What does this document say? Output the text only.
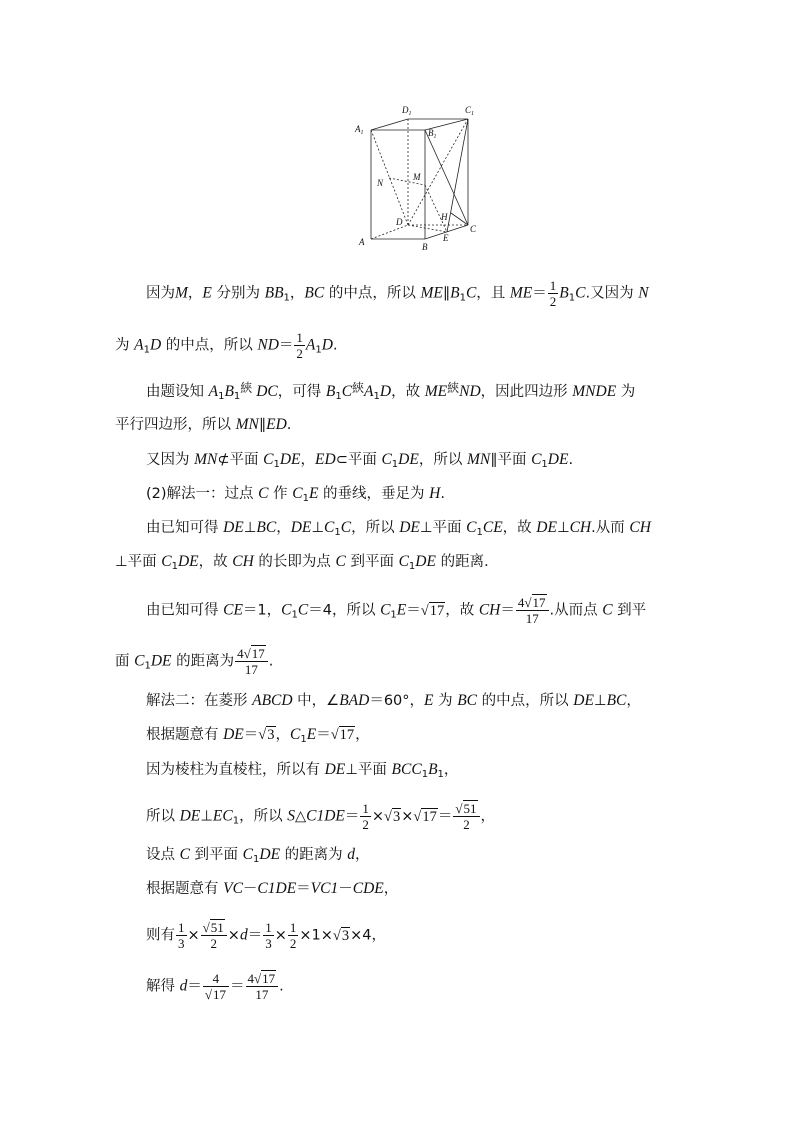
$D_1$	$C_1$
$A_1$	$B_1$
N
M
D	H
C
A	B
E
因为M，E 分别为 $BB_1$，BC 的中点，所以 $ME\parallel B_1C$，且 $ME= \frac{1}{2} B_1C$.又因为 N
为 $A_1D$ 的中点，所以 $ND= \frac{1}{2} A_1D$.
由题设知 $A_1B_1^綊$ DC，可得 $B_1C^綊A_1D$，故 $ME^綊ND$，因此四边形 MNDE 为
平行四边形，所以 MN∥ED.
又因为 MN⊄平面 $C_1DE$，ED⊂平面 $C_1DE$，所以 MN∥平面 $C_1DE$.
(2)解法一：过点 C 作 $C_1E$ 的垂线，垂足为 H.
由已知可得 DE⊥BC，$DE\perp C_1C$，所以 DE⊥平面 $C_1CE$，故 DE⊥CH.从而 CH
⊥平面 $C_1DE$，故 CH 的长即为点 C 到平面 $C_1DE$ 的距离．
由已知可得 CE＝1，$C_1C=4$，所以 $C_1E=√17$，故 $CH= \frac{4√17}{17}$ .从而点 C 到平
面 $C_1DE$ 的距离为 $\frac{4√17}{17}$ .
解法二：在菱形 ABCD 中，∠BAD＝60°，E 为 BC 的中点，所以 DE⊥BC，
根据题意有 DE＝√3，$C_1E=√17$，
因为棱柱为直棱柱，所以有 DE⊥平面 $BCC_1B_1$，
所以 $DE\perp EC_1$，所以 S△C1DE＝ $\frac{1}{2} \times√3\times√17= \frac{√51}{2}$ ，
设点 C 到平面 $C_1DE$ 的距离为 d，
根据题意有 VC－C1DE＝VC1－CDE，
则有 $\frac{1}{3} \times \frac{√51}{2} \times d= \frac{1}{3} \times \frac{1}{2} \times 1\times√3\times 4$，
解得 $d= \frac{4}{√17} = \frac{4√17}{17}$ .
